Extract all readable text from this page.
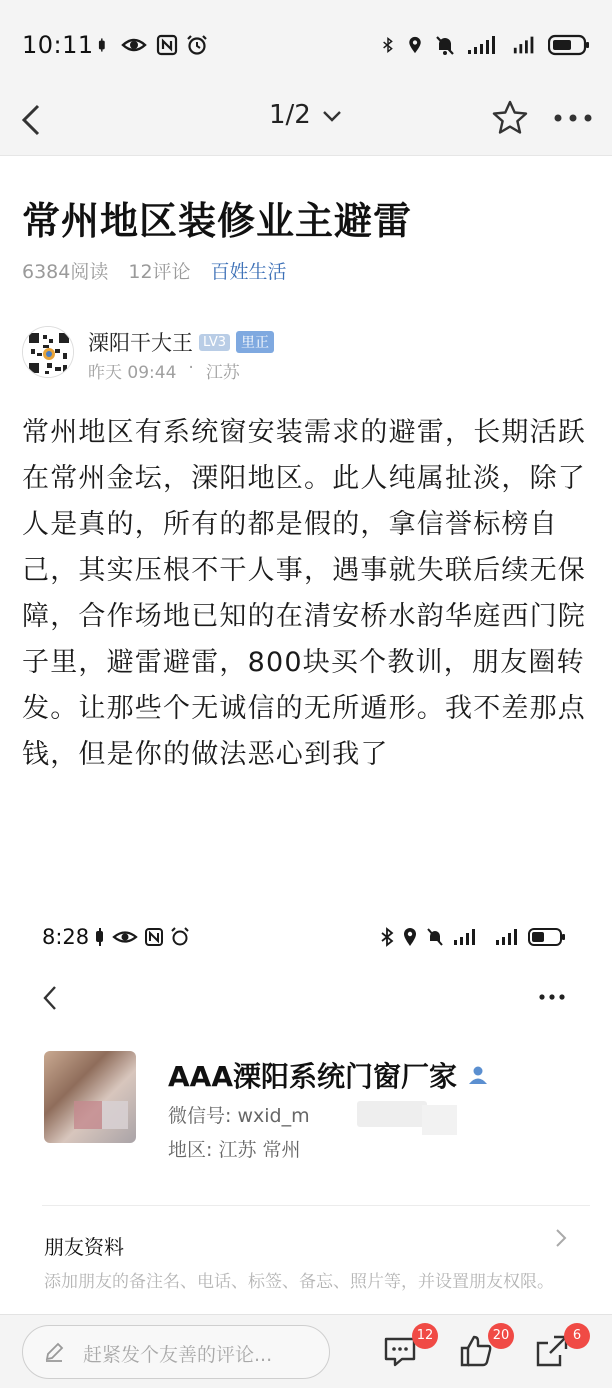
10:11
1/2
常州地区装修业主避雷
6384阅读 12评论 百姓生活
溧阳干大王 LV3	里正
昨天 09:44 · 江苏
常州地区有系统窗安装需求的避雷，长期活跃在常州金坛，溧阳地区。此人纯属扯淡，除了人是真的，所有的都是假的，拿信誉标榜自己，其实压根不干人事，遇事就失联后续无保障，合作场地已知的在清安桥水韵华庭西门院子里，避雷避雷，800块买个教训，朋友圈转发。让那些个无诚信的无所遁形。我不差那点钱，但是你的做法恶心到我了
8:28
AAA溧阳系统门窗厂家
微信号: wxid_m
地区: 江苏 常州
朋友资料
添加朋友的备注名、电话、标签、备忘、照片等，并设置朋友权限。
赶紧发个友善的评论...
12	20	6
